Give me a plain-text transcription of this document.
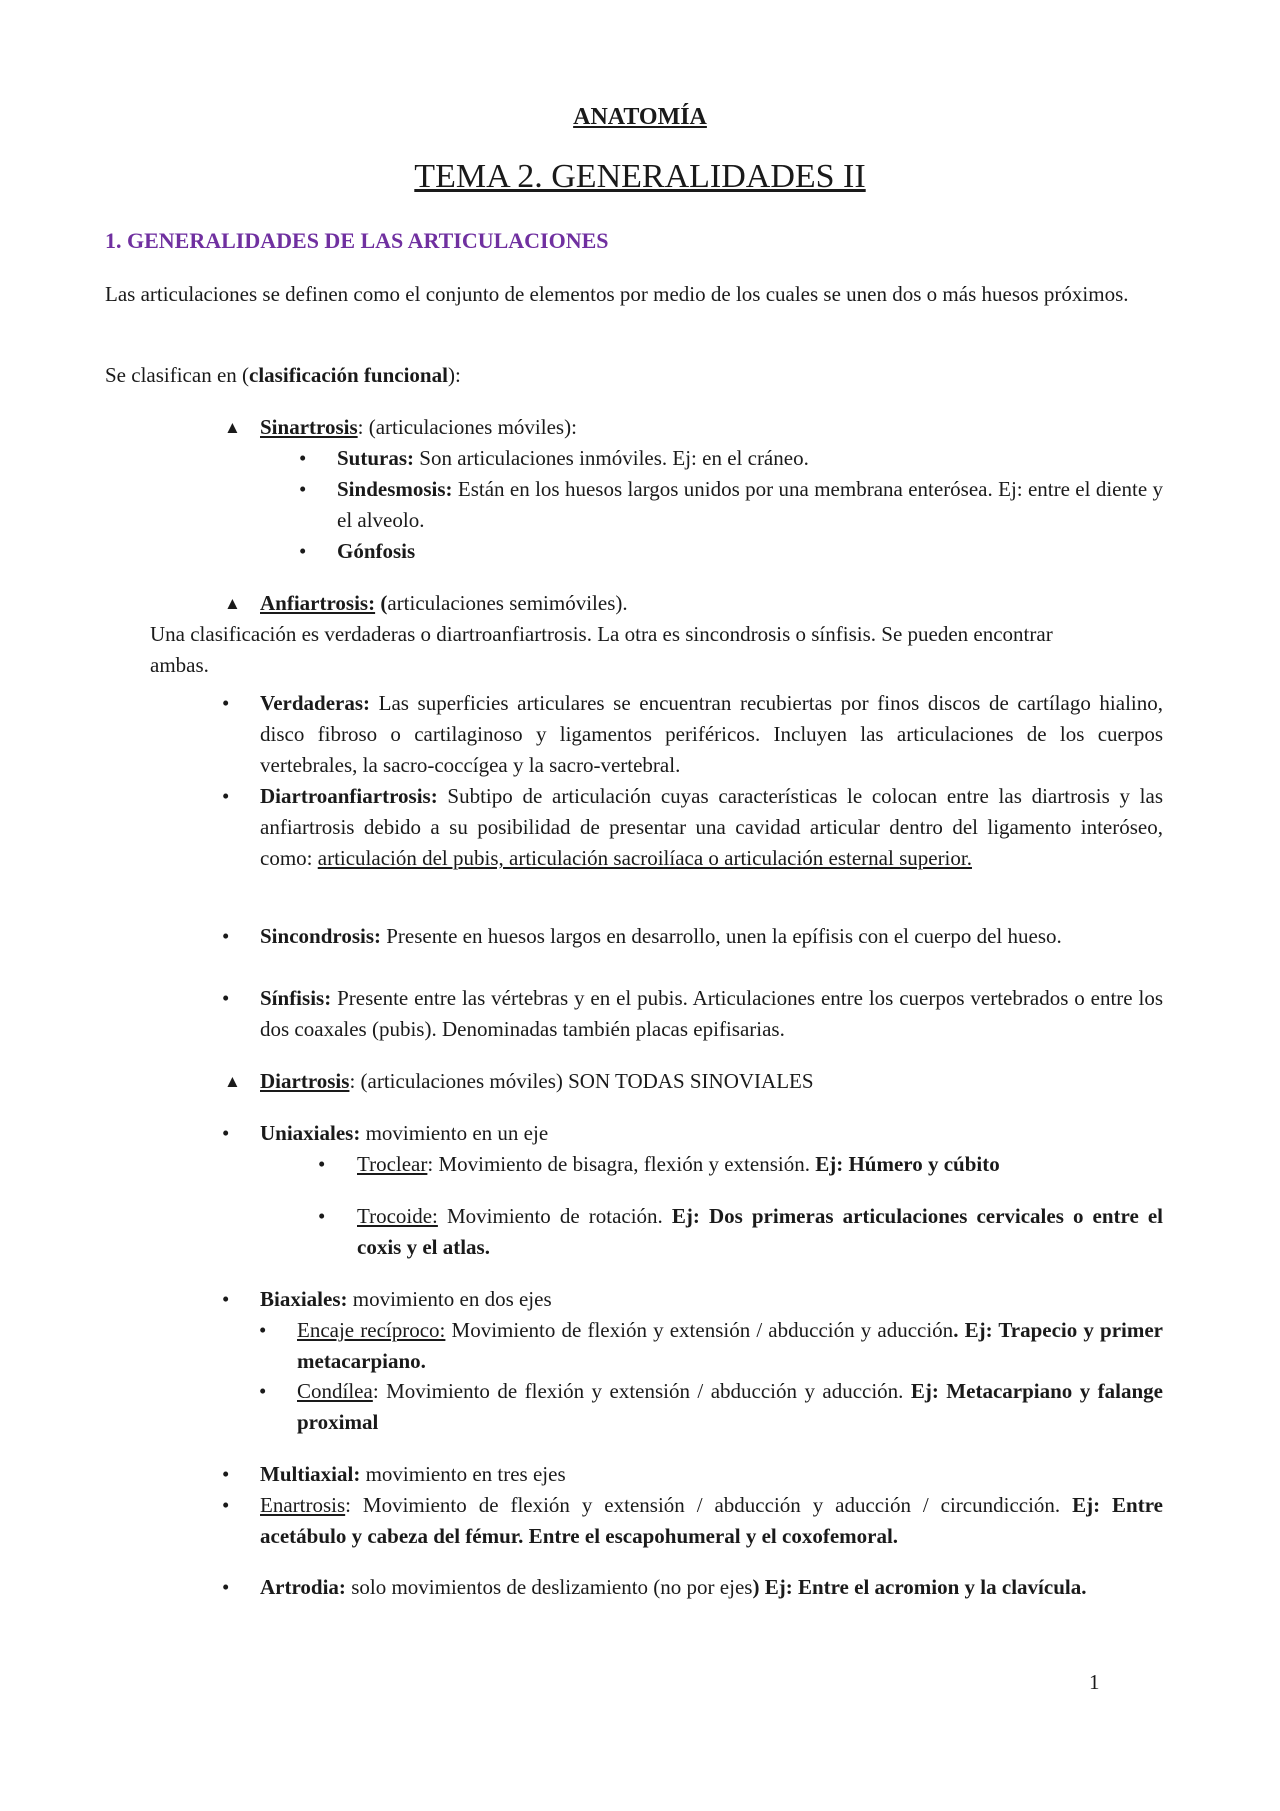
ANATOMÍA
TEMA 2. GENERALIDADES II
1. GENERALIDADES DE LAS ARTICULACIONES
Las articulaciones se definen como el conjunto de elementos por medio de los cuales se unen dos o más huesos próximos.
Se clasifican en (clasificación funcional):
▲ Sinartrosis: (articulaciones móviles):
• Suturas: Son articulaciones inmóviles. Ej: en el cráneo.
• Sindesmosis: Están en los huesos largos unidos por una membrana enterósea. Ej: entre el diente y el alveolo.
• Gónfosis
▲ Anfiartrosis: (articulaciones semimóviles).
Una clasificación es verdaderas o diartroanfiartrosis. La otra es sincondrosis o sínfisis. Se pueden encontrar ambas.
• Verdaderas: Las superficies articulares se encuentran recubiertas por finos discos de cartílago hialino, disco fibroso o cartilaginoso y ligamentos periféricos. Incluyen las articulaciones de los cuerpos vertebrales, la sacro-coccígea y la sacro-vertebral.
• Diartroanfiartrosis: Subtipo de articulación cuyas características le colocan entre las diartrosis y las anfiartrosis debido a su posibilidad de presentar una cavidad articular dentro del ligamento interóseo, como: articulación del pubis, articulación sacroilíaca o articulación esternal superior.
• Sincondrosis: Presente en huesos largos en desarrollo, unen la epífisis con el cuerpo del hueso.
• Sínfisis: Presente entre las vértebras y en el pubis. Articulaciones entre los cuerpos vertebrados o entre los dos coaxales (pubis). Denominadas también placas epifisarias.
▲ Diartrosis: (articulaciones móviles) SON TODAS SINOVIALES
• Uniaxiales: movimiento en un eje
• Troclear: Movimiento de bisagra, flexión y extensión. Ej: Húmero y cúbito
• Trocoide: Movimiento de rotación. Ej: Dos primeras articulaciones cervicales o entre el coxis y el atlas.
• Biaxiales: movimiento en dos ejes
• Encaje recíproco: Movimiento de flexión y extensión / abducción y aducción. Ej: Trapecio y primer metacarpiano.
• Condílea: Movimiento de flexión y extensión / abducción y aducción. Ej: Metacarpiano y falange proximal
• Multiaxial: movimiento en tres ejes
• Enartrosis: Movimiento de flexión y extensión / abducción y aducción / circundicción. Ej: Entre acetábulo y cabeza del fémur. Entre el escapohumeral y el coxofemoral.
• Artrodia: solo movimientos de deslizamiento (no por ejes) Ej: Entre el acromion y la clavícula.
1
